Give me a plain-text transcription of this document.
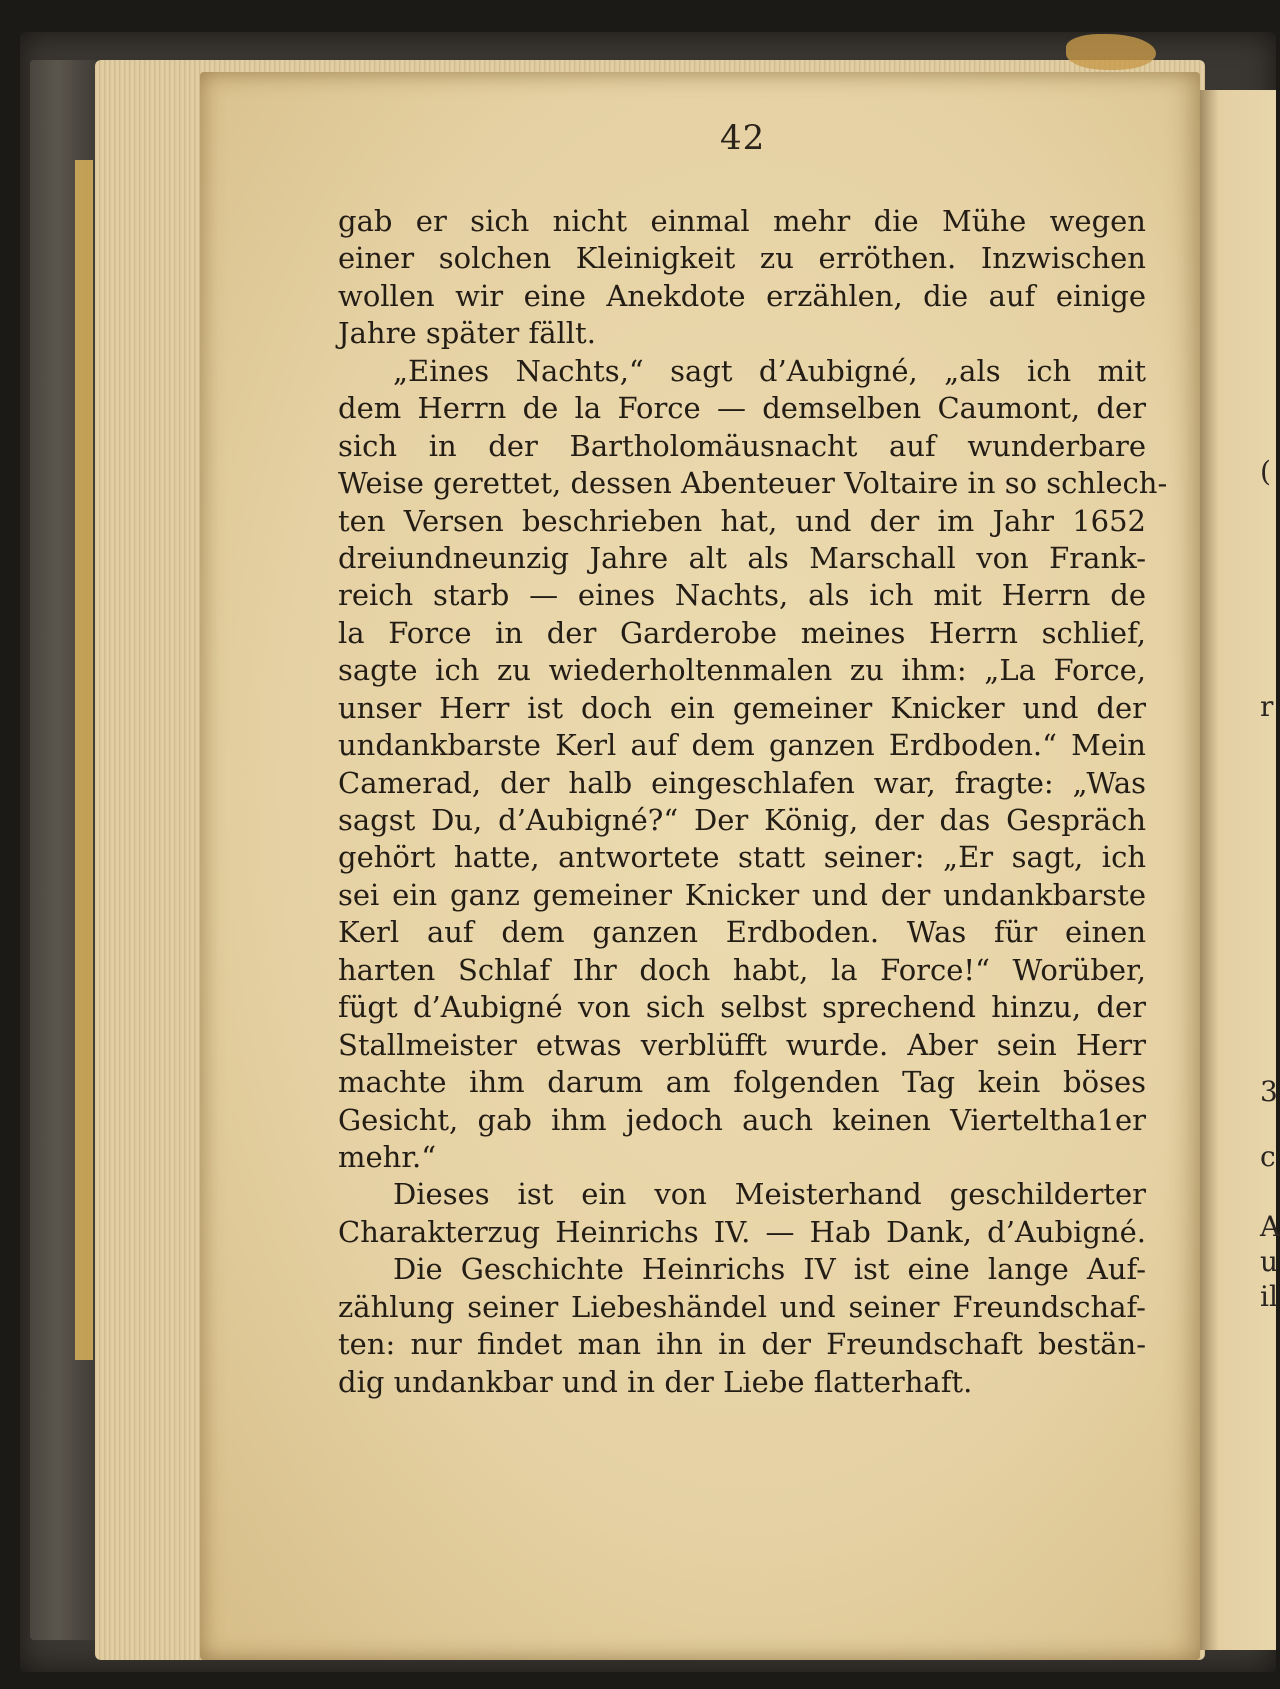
(
r
3
c
A
u
il
42
gab er sich nicht einmal mehr die Mühe wegen
einer solchen Kleinigkeit zu erröthen. Inzwischen
wollen wir eine Anekdote erzählen, die auf einige
Jahre später fällt.
„Eines Nachts,“ sagt d’Aubigné, „als ich mit
dem Herrn de la Force — demselben Caumont, der
sich in der Bartholomäusnacht auf wunderbare
Weise gerettet, dessen Abenteuer Voltaire in so schlech-
ten Versen beschrieben hat, und der im Jahr 1652
dreiundneunzig Jahre alt als Marschall von Frank-
reich starb — eines Nachts, als ich mit Herrn de
la Force in der Garderobe meines Herrn schlief,
sagte ich zu wiederholtenmalen zu ihm: „La Force,
unser Herr ist doch ein gemeiner Knicker und der
undankbarste Kerl auf dem ganzen Erdboden.“ Mein
Camerad, der halb eingeschlafen war, fragte: „Was
sagst Du, d’Aubigné?“ Der König, der das Gespräch
gehört hatte, antwortete statt seiner: „Er sagt, ich
sei ein ganz gemeiner Knicker und der undankbarste
Kerl auf dem ganzen Erdboden. Was für einen
harten Schlaf Ihr doch habt, la Force!“ Worüber,
fügt d’Aubigné von sich selbst sprechend hinzu, der
Stallmeister etwas verblüfft wurde. Aber sein Herr
machte ihm darum am folgenden Tag kein böses
Gesicht, gab ihm jedoch auch keinen Vierteltha1er
mehr.“
Dieses ist ein von Meisterhand geschilderter
Charakterzug Heinrichs IV. — Hab Dank, d’Aubigné.
Die Geschichte Heinrichs IV ist eine lange Auf-
zählung seiner Liebeshändel und seiner Freundschaf-
ten: nur findet man ihn in der Freundschaft bestän-
dig undankbar und in der Liebe flatterhaft.
